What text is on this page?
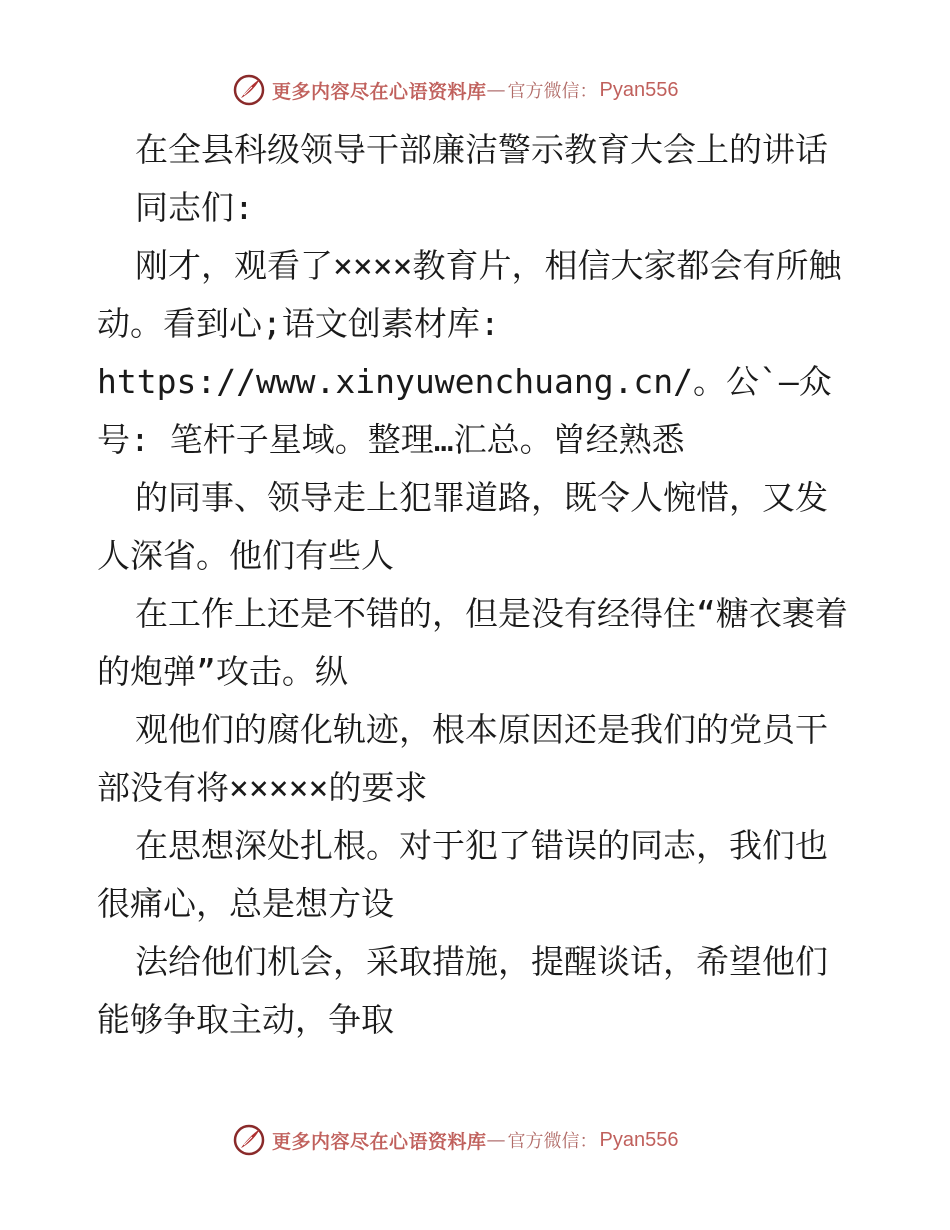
更多内容尽在心语资料库 — 官方微信： Pyan556

在全县科级领导干部廉洁警示教育大会上的讲话

同志们:

刚才，观看了××××教育片，相信大家都会有所触动。看到心;语文创素材库: https://www.xinyuwenchuang.cn/。公`—众号: 笔杆子星域。整理…汇总。曾经熟悉

的同事、领导走上犯罪道路，既令人惋惜，又发人深省。他们有些人

在工作上还是不错的，但是没有经得住“糖衣裹着的炮弹”攻击。纵

观他们的腐化轨迹，根本原因还是我们的党员干部没有将×××××的要求

在思想深处扎根。对于犯了错误的同志，我们也很痛心，总是想方设

法给他们机会，采取措施，提醒谈话，希望他们能够争取主动，争取

更多内容尽在心语资料库 — 官方微信： Pyan556
